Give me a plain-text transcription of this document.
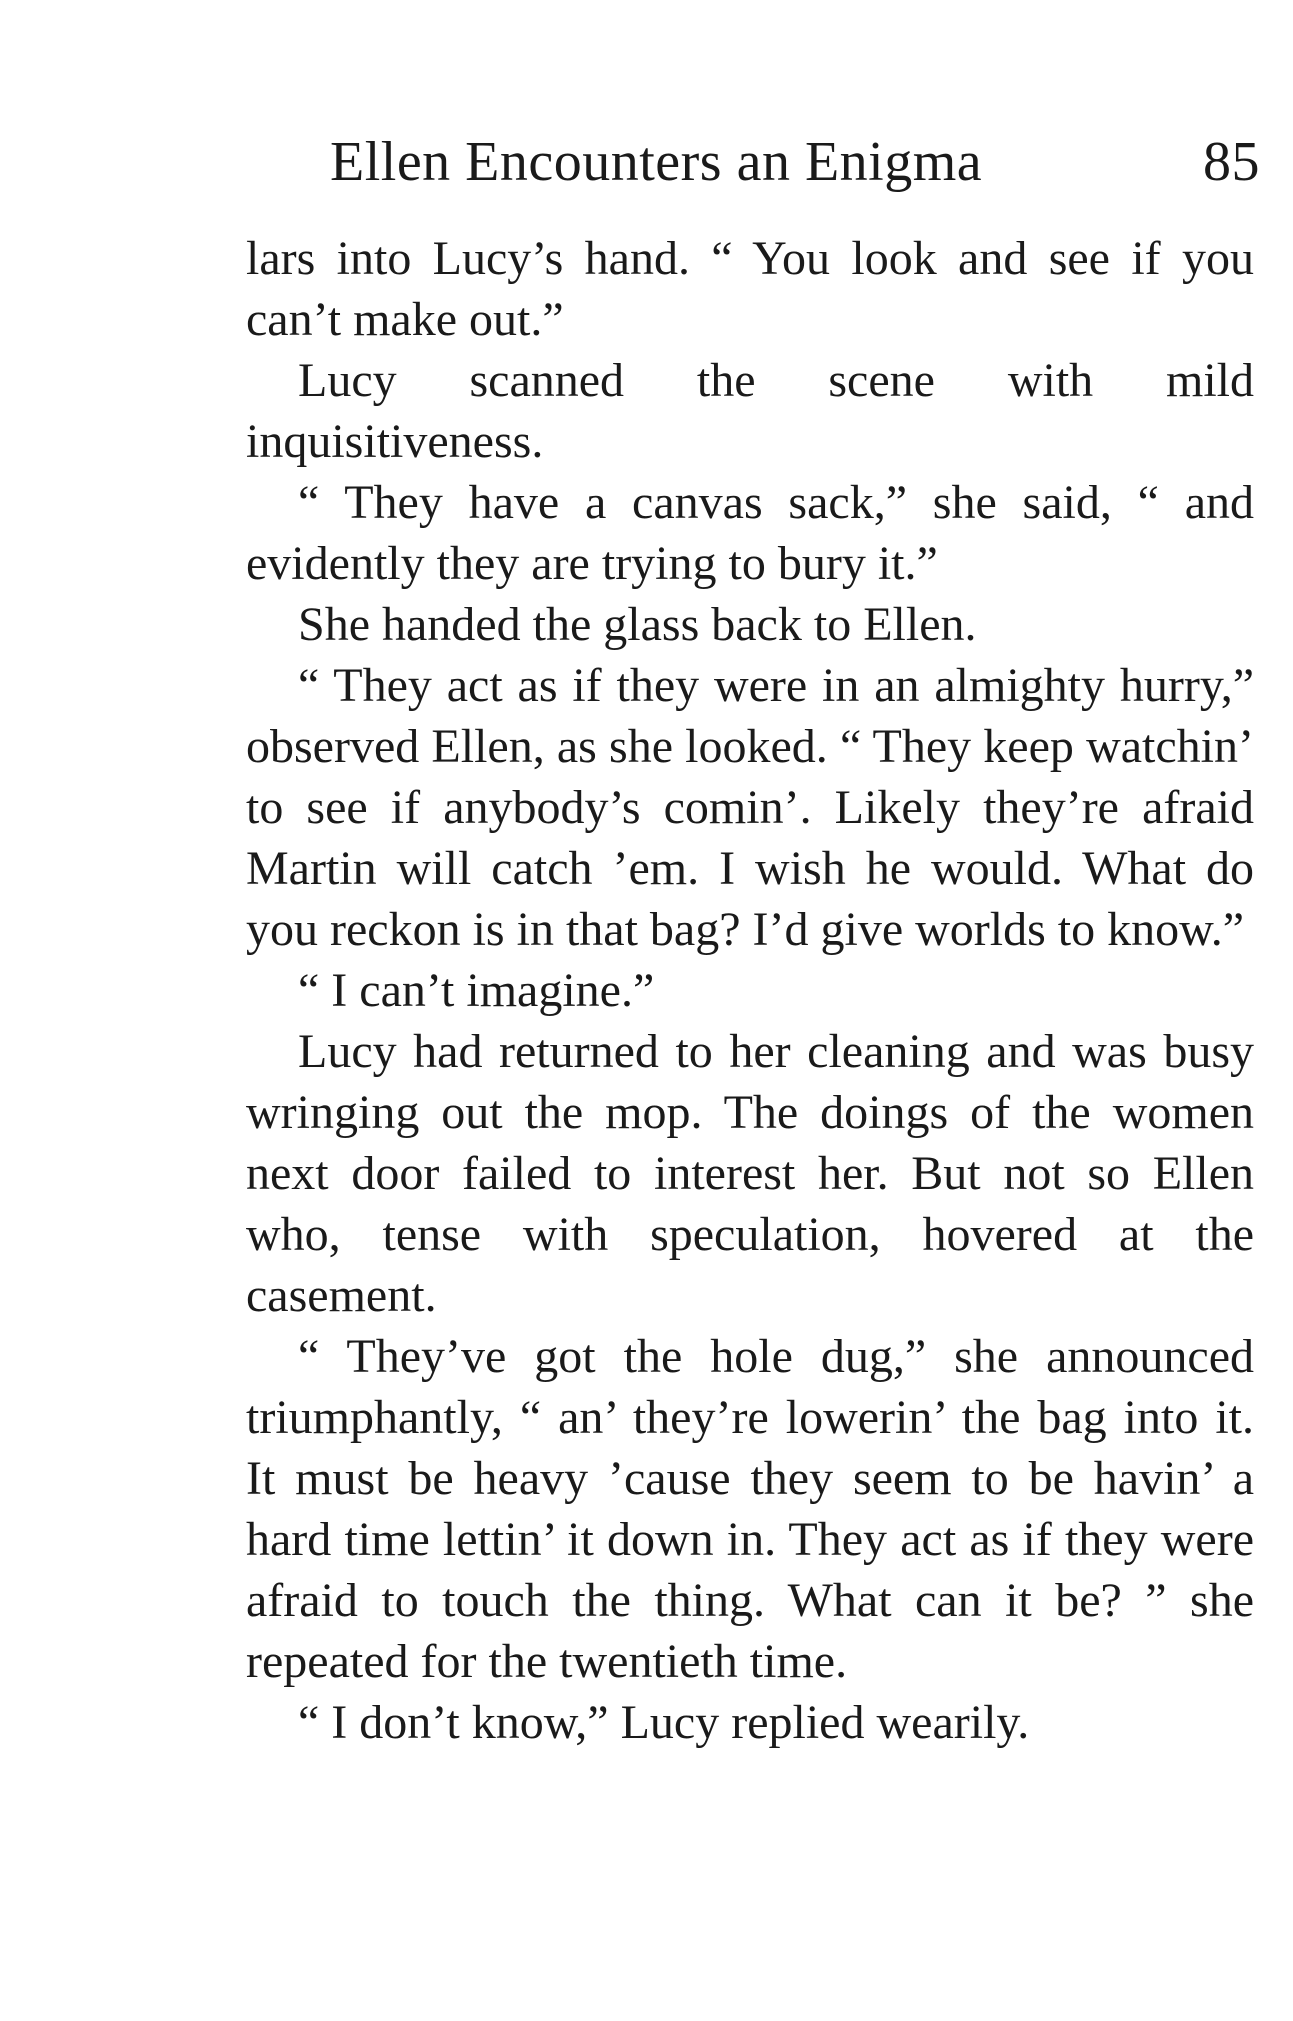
Ellen Encounters an Enigma	85

lars into Lucy’s hand. “ You look and see if you can’t make out.”

Lucy scanned the scene with mild inquisitiveness.

“ They have a canvas sack,” she said, “ and evidently they are trying to bury it.”

She handed the glass back to Ellen.

“ They act as if they were in an almighty hurry,” observed Ellen, as she looked. “ They keep watchin’ to see if anybody’s comin’. Likely they’re afraid Martin will catch ’em. I wish he would. What do you reckon is in that bag? I’d give worlds to know.”

“ I can’t imagine.”

Lucy had returned to her cleaning and was busy wringing out the mop. The doings of the women next door failed to interest her. But not so Ellen who, tense with speculation, hovered at the casement.

“ They’ve got the hole dug,” she announced triumphantly, “ an’ they’re lowerin’ the bag into it. It must be heavy ’cause they seem to be havin’ a hard time lettin’ it down in. They act as if they were afraid to touch the thing. What can it be? ” she repeated for the twentieth time.

“ I don’t know,” Lucy replied wearily.
